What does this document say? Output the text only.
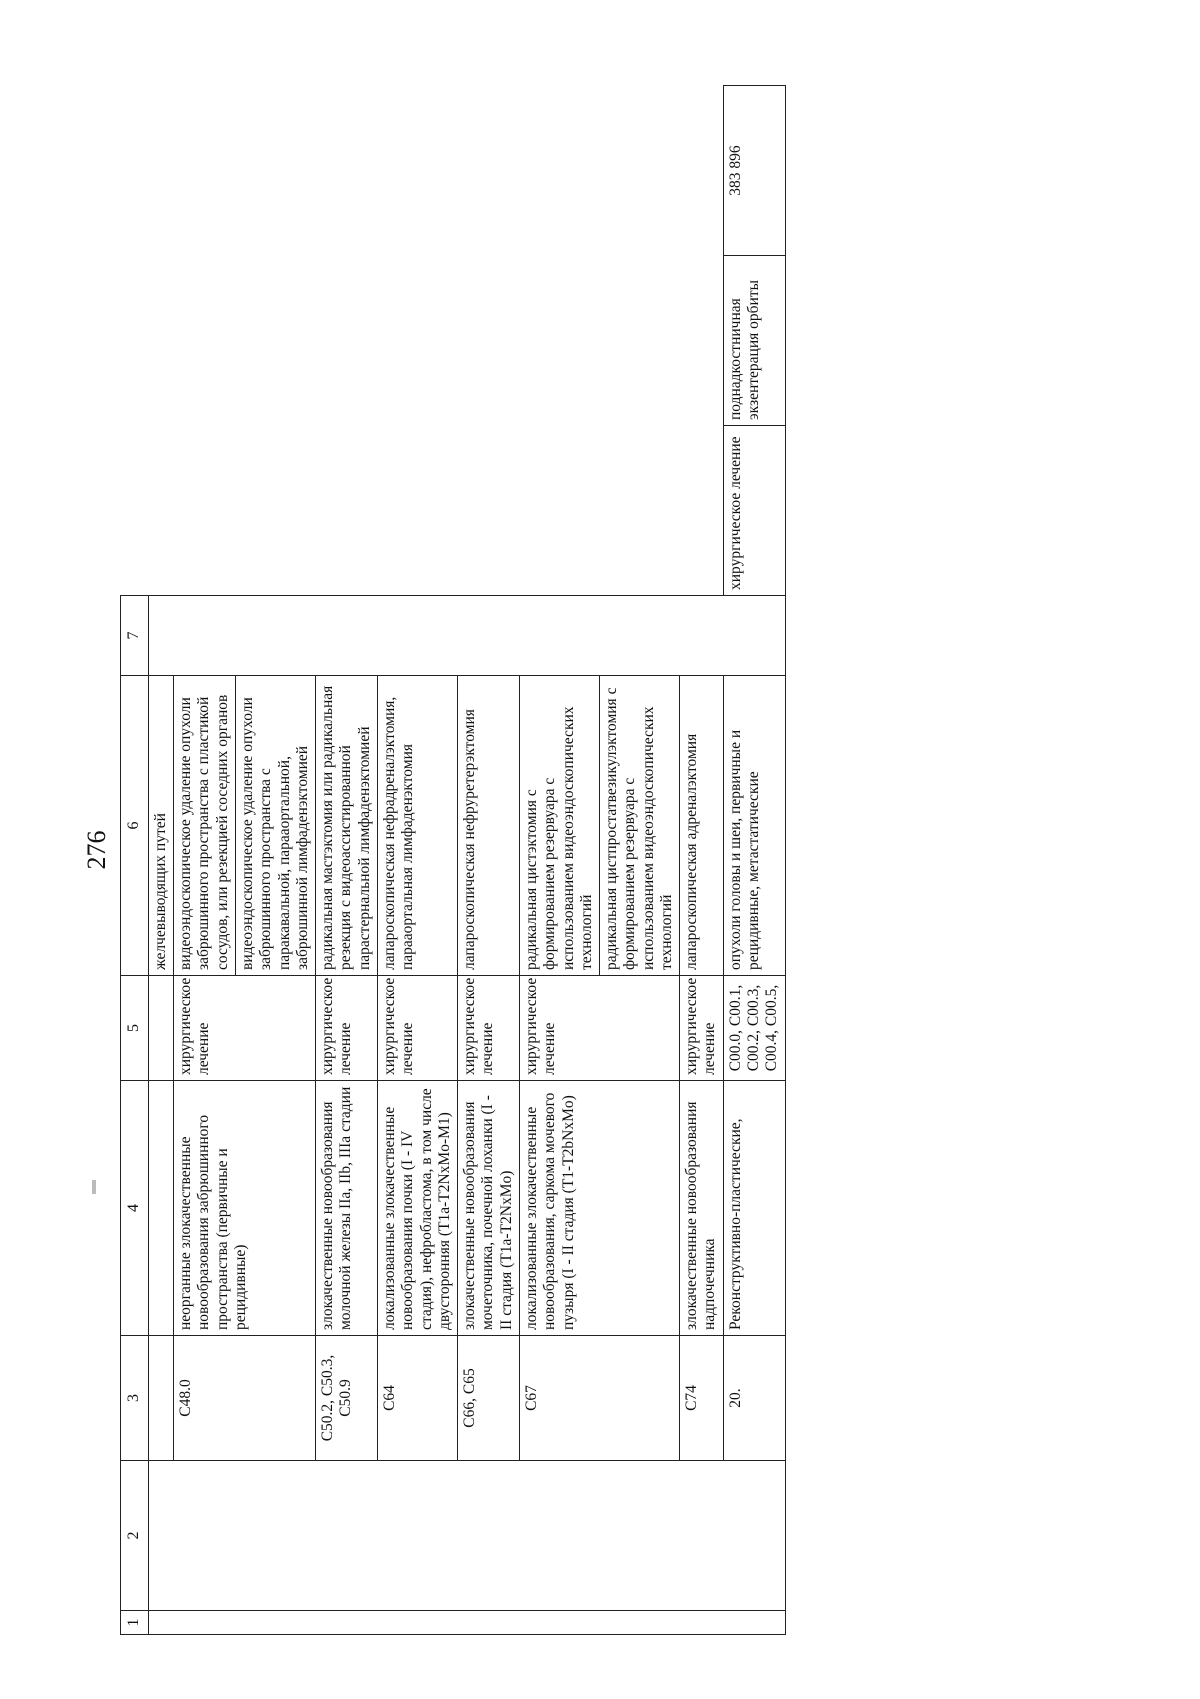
276
1	2	3	4	5	6	7			
					желчевыводящих путей				
		С48.0	неорганные злокачественные новообразования забрюшинного пространства (первичные и рецидивные)	хирургическое лечение	видеоэндоскопическое удаление опухоли забрюшинного пространства с пластикой сосудов, или резекцией соседних органов				
					видеоэндоскопическое удаление опухоли забрюшинного пространства с паракавальной, парааортальной, забрюшинной лимфаденэктомией				
		С50.2, С50.3, С50.9	злокачественные новообразования молочной железы IIa, IIb, IIIa стадии	хирургическое лечение	радикальная мастэктомия или радикальная резекция с видеоассистированной парастернальной лимфаденэктомией				
		С64	локализованные злокачественные новообразования почки (I - IV стадия), нефробластома, в том числе двусторонняя (T1a-T2NxMo-M1)	хирургическое лечение	лапароскопическая нефрадреналэктомия, парааортальная лимфаденэктомия				
		С66, С65	злокачественные новообразования мочеточника, почечной лоханки (I - II стадия (T1a-T2NxMo)	хирургическое лечение	лапароскопическая нефруретерэктомия				
		С67	локализованные злокачественные новообразования, саркома мочевого пузыря (I - II стадия (T1-T2bNxMo)	хирургическое лечение	радикальная цистэктомия с формированием резервуара с использованием видеоэндоскопических технологий				
					радикальная цистпростатвезикулэктомия с формированием резервуара с использованием видеоэндоскопических технологий				
		С74	злокачественные новообразования надпочечника	хирургическое лечение	лапароскопическая адреналэктомия				
		20.	Реконструктивно-пластические,	С00.0, С00.1, С00.2, С00.3, С00.4, С00.5,	опухоли головы и шеи, первичные и рецидивные, метастатические		хирургическое лечение	поднадкостничная экзентерация орбиты	383 896
